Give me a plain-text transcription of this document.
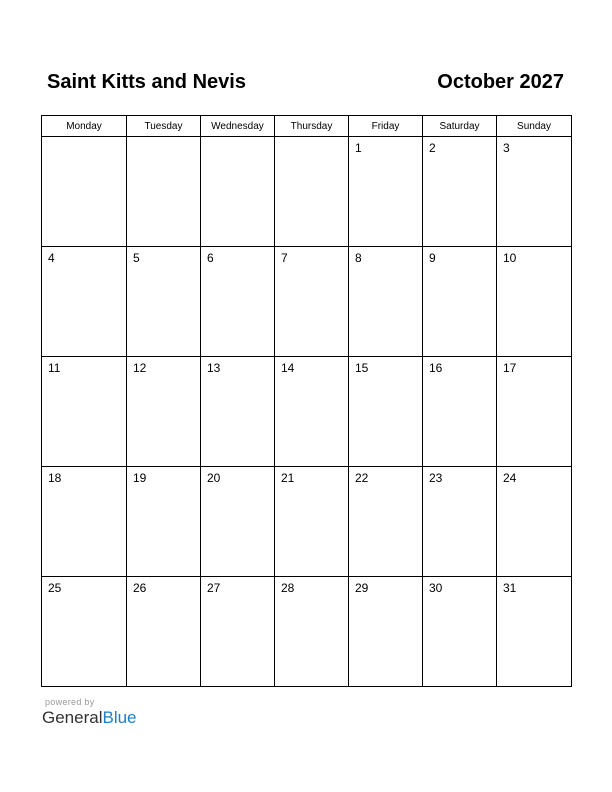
Saint Kitts and Nevis	October 2027
Monday	Tuesday	Wednesday	Thursday	Friday	Saturday	Sunday

				1	2	3

4	5	6	7	8	9	10

11	12	13	14	15	16	17

18	19	20	21	22	23	24

25	26	27	28	29	30	31
powered by
GeneralBlue
